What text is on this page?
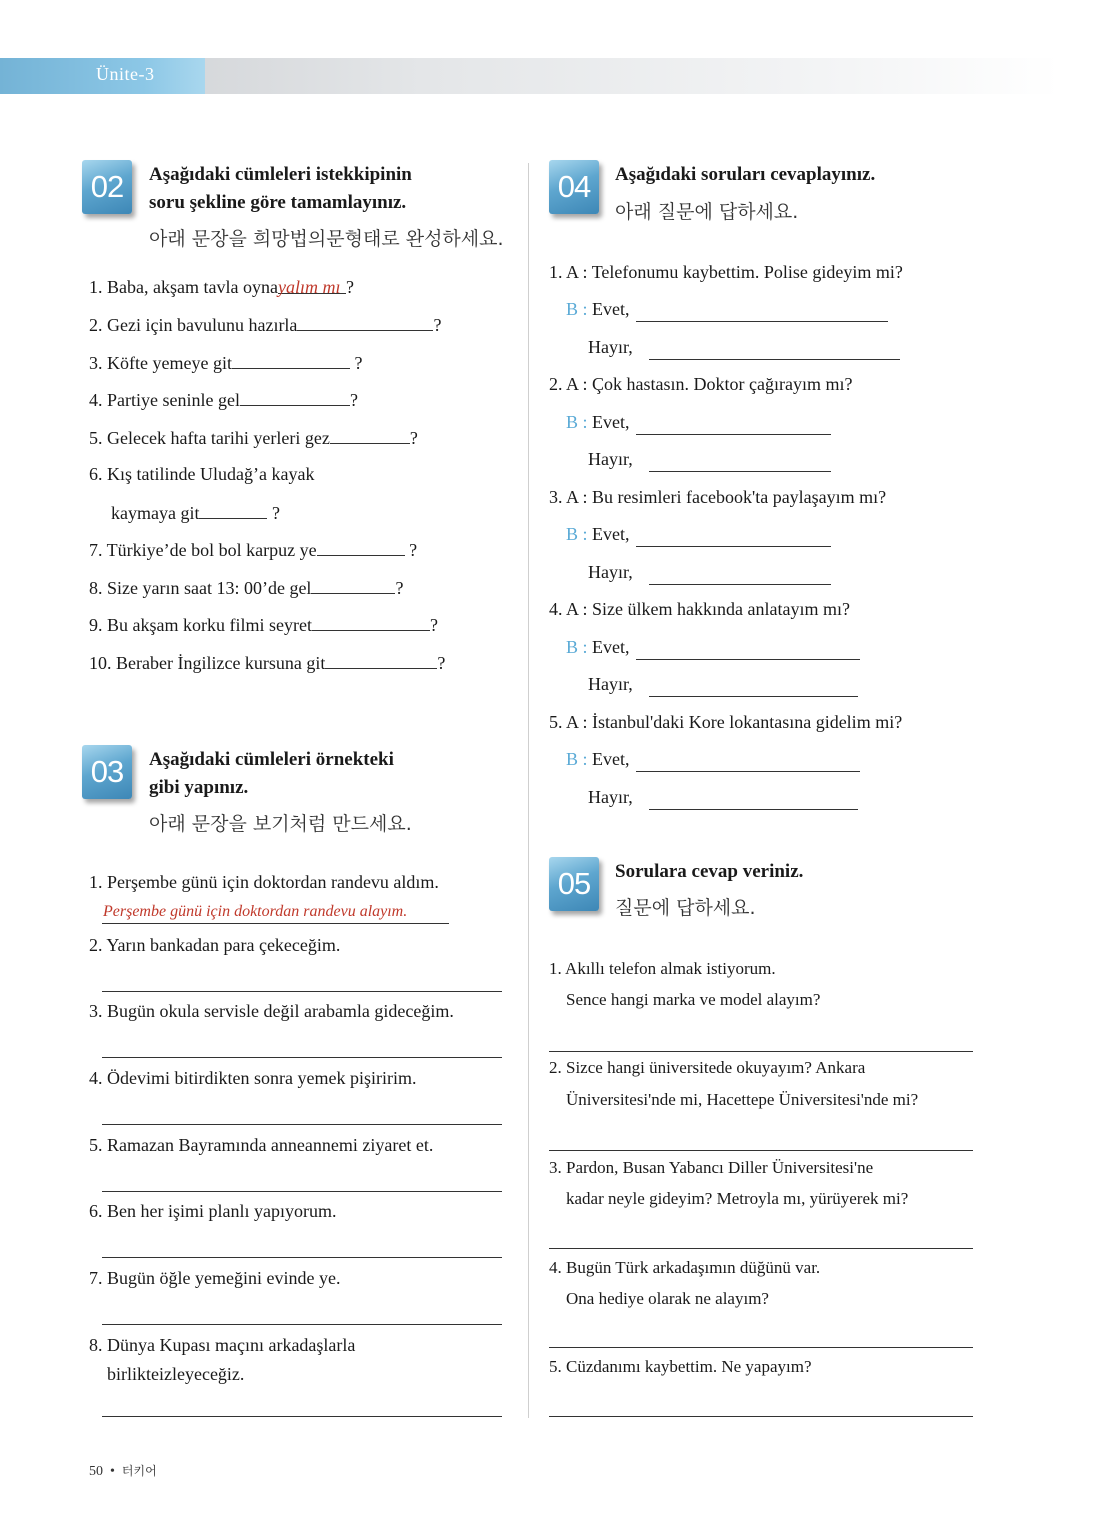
Ünite-3
02	Aşağıdaki cümleleri istekkipinin
soru şekline göre tamamlayınız.
아래 문장을 희망법의문형태로 완성하세요.
1. Baba, akşam tavla oynayalım mı ?
2. Gezi için bavulunu hazırla	?
3. Köfte yemeye git	?
4. Partiye seninle gel	?
5. Gelecek hafta tarihi yerleri gez	?
6. Kış tatilinde Uludağ’a kayak
kaymaya git	?
7. Türkiye’de bol bol karpuz ye	?
8. Size yarın saat 13: 00’de gel	?
9. Bu akşam korku filmi seyret	?
10. Beraber İngilizce kursuna git	?
03	Aşağıdaki cümleleri örnekteki
gibi yapınız.
아래 문장을 보기처럼 만드세요.
1. Perşembe günü için doktordan randevu aldım.
Perşembe günü için doktordan randevu alayım.
2. Yarın bankadan para çekeceğim.
3. Bugün okula servisle değil arabamla gideceğim.
4. Ödevimi bitirdikten sonra yemek pişiririm.
5. Ramazan Bayramında anneannemi ziyaret et.
6. Ben her işimi planlı yapıyorum.
7. Bugün öğle yemeğini evinde ye.
8. Dünya Kupası maçını arkadaşlarla
birlikteizleyeceğiz.
04	Aşağıdaki soruları cevaplayınız.
아래 질문에 답하세요.
1. A : Telefonumu kaybettim. Polise gideyim mi?
B : Evet,
Hayır,
2. A : Çok hastasın. Doktor çağırayım mı?
B : Evet,
Hayır,
3. A : Bu resimleri facebook'ta paylaşayım mı?
B : Evet,
Hayır,
4. A : Size ülkem hakkında anlatayım mı?
B : Evet,
Hayır,
5. A : İstanbul'daki Kore lokantasına gidelim mi?
B : Evet,
Hayır,
05	Sorulara cevap veriniz.
질문에 답하세요.
1. Akıllı telefon almak istiyorum.
Sence hangi marka ve model alayım?
2. Sizce hangi üniversitede okuyayım? Ankara
Üniversitesi'nde mi, Hacettepe Üniversitesi'nde mi?
3. Pardon, Busan Yabancı Diller Üniversitesi'ne
kadar neyle gideyim? Metroyla mı, yürüyerek mi?
4. Bugün Türk arkadaşımın düğünü var.
Ona hediye olarak ne alayım?
5. Cüzdanımı kaybettim. Ne yapayım?
50 • 터키어
